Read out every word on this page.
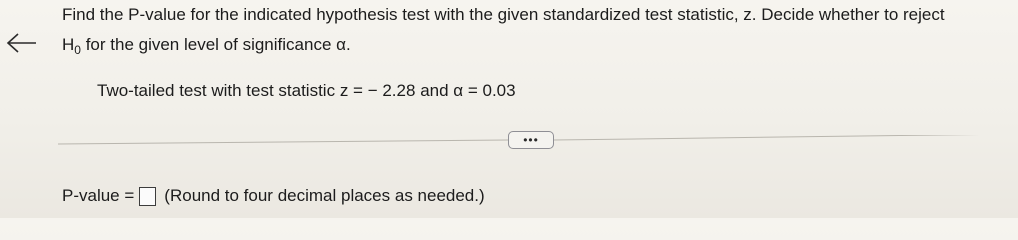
Find the P-value for the indicated hypothesis test with the given standardized test statistic, z. Decide whether to reject
$H_0$ for the given level of significance α.
Two-tailed test with test statistic z = − 2.28 and α = 0.03
•••
P-value = (Round to four decimal places as needed.)
